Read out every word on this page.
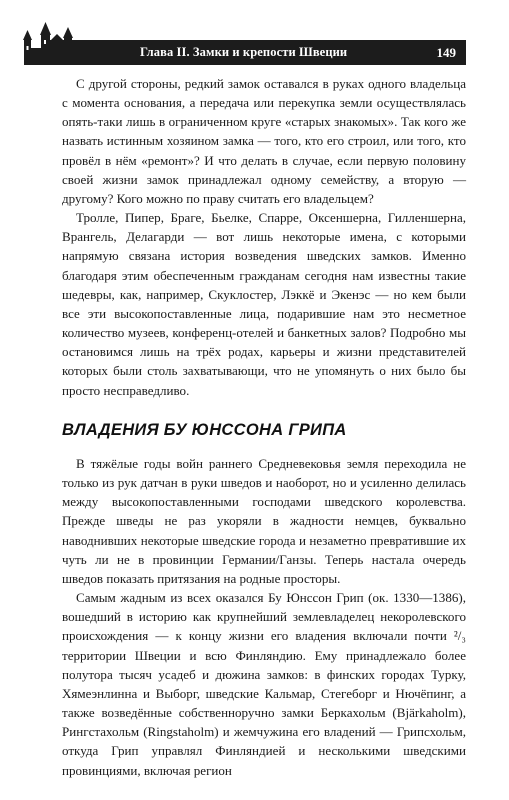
Глава II. Замки и крепости Швеции	149

С другой стороны, редкий замок оставался в руках одного владельца с момента основания, а передача или перекупка земли осуществлялась опять-таки лишь в ограниченном круге «старых знакомых». Так кого же назвать истинным хозяином замка — того, кто его строил, или того, кто провёл в нём «ремонт»? И что делать в случае, если первую половину своей жизни замок принадлежал одному семейству, а вторую — другому? Кого можно по праву считать его владельцем?

Тролле, Пипер, Браге, Бьелке, Спарре, Оксеншерна, Гилленшерна, Врангель, Делагарди — вот лишь некоторые имена, с которыми напрямую связана история возведения шведских замков. Именно благодаря этим обеспеченным гражданам сегодня нам известны такие шедевры, как, например, Скуклостер, Лэккё и Экенэс — но кем были все эти высокопоставленные лица, подарившие нам это несметное количество музеев, конференц-отелей и банкетных залов? Подробно мы остановимся лишь на трёх родах, карьеры и жизни представителей которых были столь захватывающи, что не упомянуть о них было бы просто несправедливо.

ВЛАДЕНИЯ БУ ЮНССОНА ГРИПА

В тяжёлые годы войн раннего Средневековья земля переходила не только из рук датчан в руки шведов и наоборот, но и усиленно делилась между высокопоставленными господами шведского королевства. Прежде шведы не раз укоряли в жадности немцев, буквально наводнивших некоторые шведские города и незаметно превратившие их чуть ли не в провинции Германии/Ганзы. Теперь настала очередь шведов показать притязания на родные просторы.

Самым жадным из всех оказался Бу Юнссон Грип (ок. 1330—1386), вошедший в историю как крупнейший землевладелец некоролевского происхождения — к концу жизни его владения включали почти ²/₃ территории Швеции и всю Финляндию. Ему принадлежало более полутора тысяч усадеб и дюжина замков: в финских городах Турку, Хямеэнлинна и Выборг, шведские Кальмар, Стегеборг и Нючёпинг, а также возведённые собственноручно замки Беркахольм (Bjärkaholm), Рингстахольм (Ringstaholm) и жемчужина его владений — Грипсхольм, откуда Грип управлял Финляндией и несколькими шведскими провинциями, включая регион
